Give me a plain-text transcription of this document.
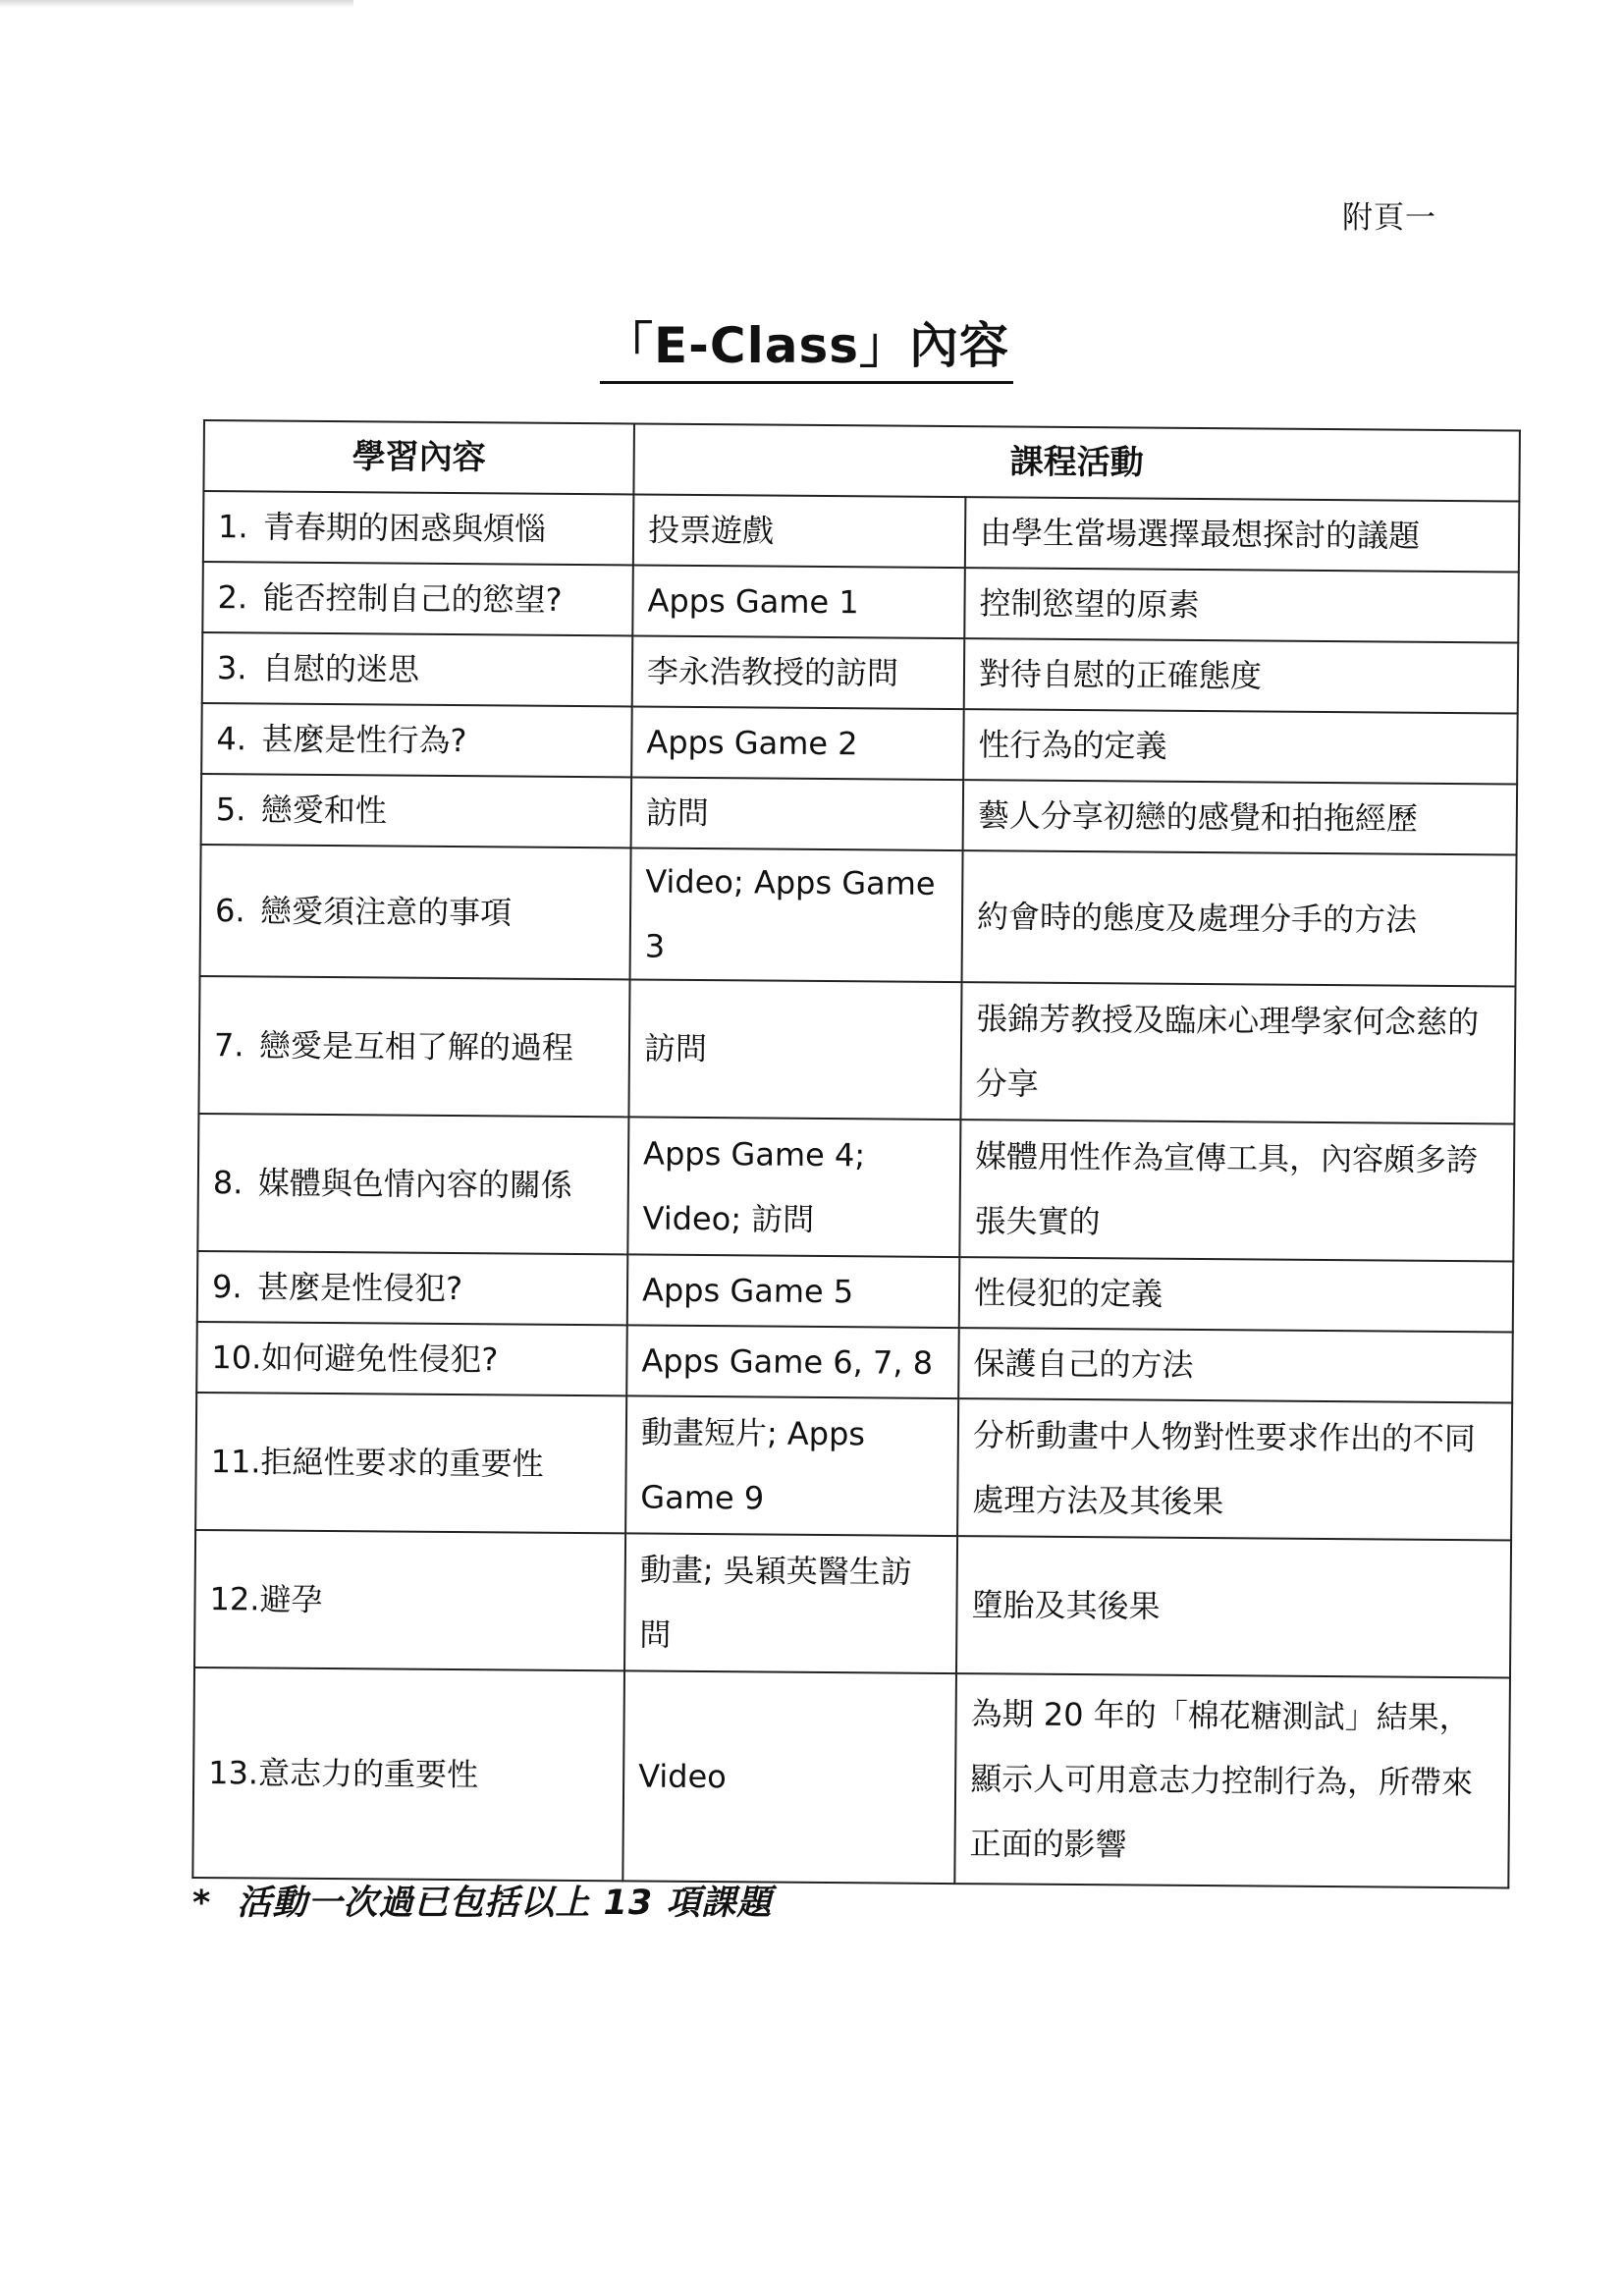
附頁一
「E-Class」內容
學習內容	課程活動	
1. 青春期的困惑與煩惱	投票遊戲	由學生當場選擇最想探討的議題
2. 能否控制自己的慾望?	Apps Game 1	控制慾望的原素
3. 自慰的迷思	李永浩教授的訪問	對待自慰的正確態度
4. 甚麼是性行為?	Apps Game 2	性行為的定義
5. 戀愛和性	訪問	藝人分享初戀的感覺和拍拖經歷
6. 戀愛須注意的事項	Video; Apps Game 3	約會時的態度及處理分手的方法
7. 戀愛是互相了解的過程	訪問	張錦芳教授及臨床心理學家何念慈的分享
8. 媒體與色情內容的關係	Apps Game 4; Video; 訪問	媒體用性作為宣傳工具，內容頗多誇張失實的
9. 甚麼是性侵犯?	Apps Game 5	性侵犯的定義
10.如何避免性侵犯?	Apps Game 6, 7, 8	保護自己的方法
11.拒絕性要求的重要性	動畫短片; Apps Game 9	分析動畫中人物對性要求作出的不同處理方法及其後果
12.避孕	動畫; 吳穎英醫生訪問	墮胎及其後果
13.意志力的重要性	Video	為期 20 年的「棉花糖測試」結果，顯示人可用意志力控制行為，所帶來正面的影響
* 活動一次過已包括以上 13 項課題
